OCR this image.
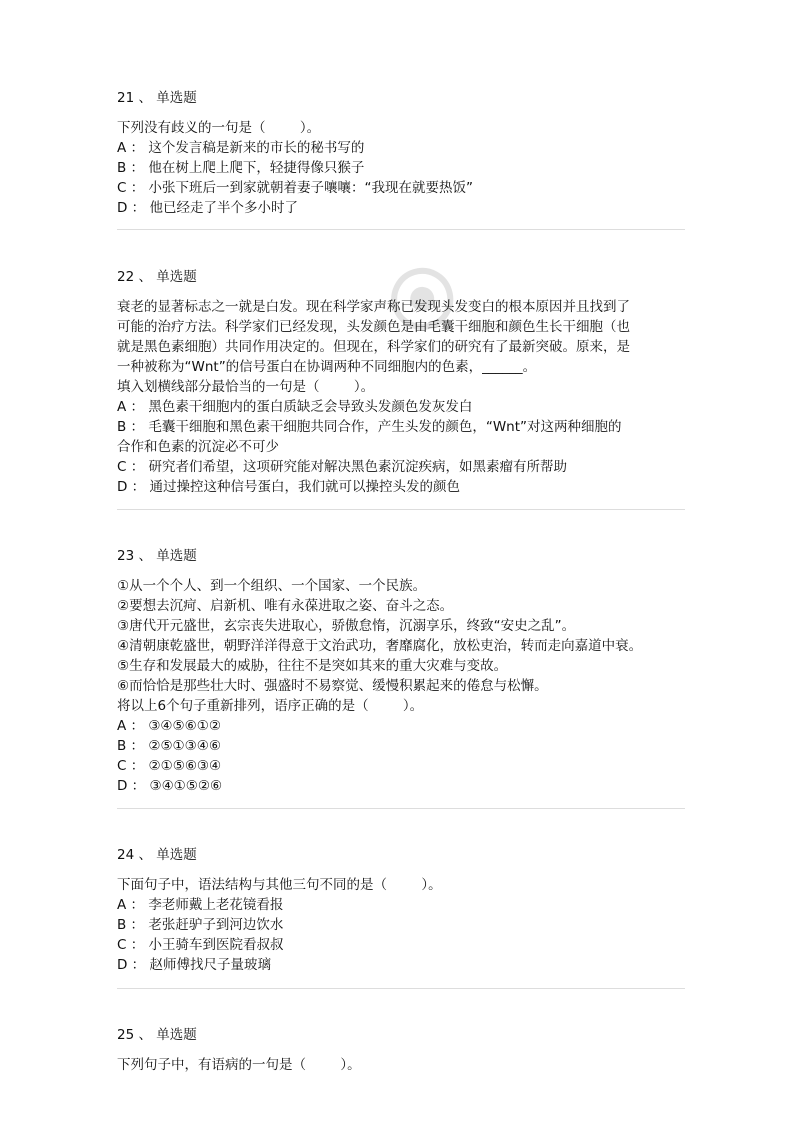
21 、 单选题
下列没有歧义的一句是（        ）。
A ： 这个发言稿是新来的市长的秘书写的
B ： 他在树上爬上爬下，轻捷得像只猴子
C ： 小张下班后一到家就朝着妻子嚷嚷：“我现在就要热饭”
D ： 他已经走了半个多小时了
22 、 单选题
衰老的显著标志之一就是白发。现在科学家声称已发现头发变白的根本原因并且找到了
可能的治疗方法。科学家们已经发现，头发颜色是由毛囊干细胞和颜色生长干细胞（也
就是黑色素细胞）共同作用决定的。但现在，科学家们的研究有了最新突破。原来，是
一种被称为“Wnt”的信号蛋白在协调两种不同细胞内的色素，______。
填入划横线部分最恰当的一句是（        ）。
A ： 黑色素干细胞内的蛋白质缺乏会导致头发颜色发灰发白
B ： 毛囊干细胞和黑色素干细胞共同合作，产生头发的颜色，“Wnt”对这两种细胞的
合作和色素的沉淀必不可少
C ： 研究者们希望，这项研究能对解决黑色素沉淀疾病，如黑素瘤有所帮助
D ： 通过操控这种信号蛋白，我们就可以操控头发的颜色
23 、 单选题
①从一个个人、到一个组织、一个国家、一个民族。
②要想去沉疴、启新机、唯有永葆进取之姿、奋斗之态。
③唐代开元盛世，玄宗丧失进取心，骄傲怠惰，沉溺享乐，终致“安史之乱”。
④清朝康乾盛世，朝野洋洋得意于文治武功，奢靡腐化，放松吏治，转而走向嘉道中衰。
⑤生存和发展最大的威胁，往往不是突如其来的重大灾难与变故。
⑥而恰恰是那些壮大时、强盛时不易察觉、缓慢积累起来的倦怠与松懈。
将以上6个句子重新排列，语序正确的是（        ）。
A ： ③④⑤⑥①②
B ： ②⑤①③④⑥
C ： ②①⑤⑥③④
D ： ③④①⑤②⑥
24 、 单选题
下面句子中，语法结构与其他三句不同的是（        ）。
A ： 李老师戴上老花镜看报
B ： 老张赶驴子到河边饮水
C ： 小王骑车到医院看叔叔
D ： 赵师傅找尺子量玻璃
25 、 单选题
下列句子中，有语病的一句是（        ）。
